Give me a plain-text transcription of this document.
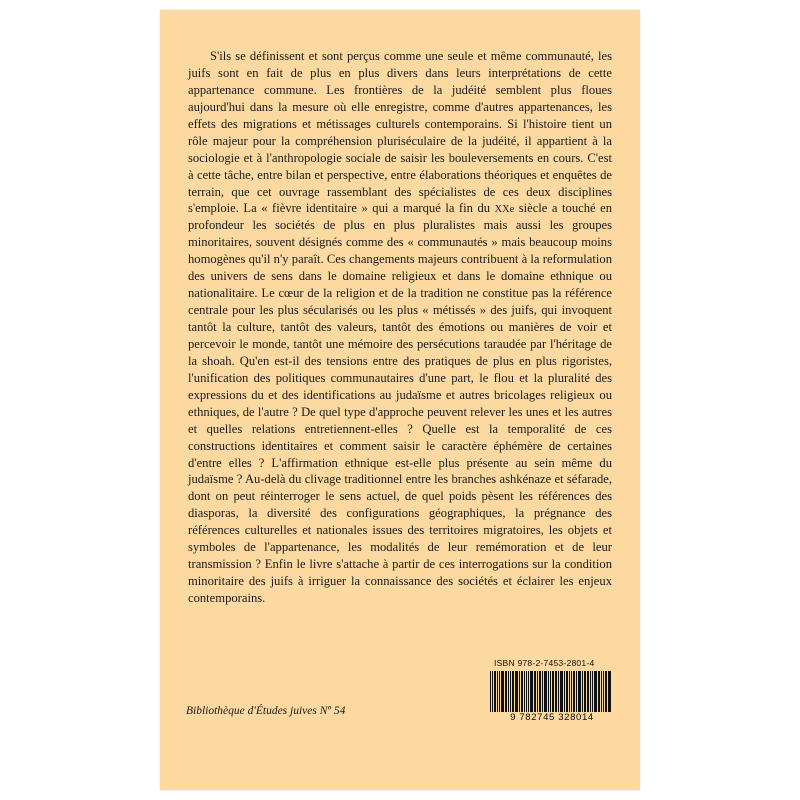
S'ils se définissent et sont perçus comme une seule et même communauté, les juifs sont en fait de plus en plus divers dans leurs interprétations de cette appartenance commune. Les frontières de la judéité semblent plus floues aujourd'hui dans la mesure où elle enregistre, comme d'autres appartenances, les effets des migrations et métissages culturels contemporains. Si l'histoire tient un rôle majeur pour la compréhension pluriséculaire de la judéité, il appartient à la sociologie et à l'anthropologie sociale de saisir les bouleversements en cours. C'est à cette tâche, entre bilan et perspective, entre élaborations théoriques et enquêtes de terrain, que cet ouvrage rassemblant des spécialistes de ces deux disciplines s'emploie. La « fièvre identitaire » qui a marqué la fin du XXe siècle a touché en profondeur les sociétés de plus en plus pluralistes mais aussi les groupes minoritaires, souvent désignés comme des « communautés » mais beaucoup moins homogènes qu'il n'y paraît. Ces changements majeurs contribuent à la reformulation des univers de sens dans le domaine religieux et dans le domaine ethnique ou nationalitaire. Le cœur de la religion et de la tradition ne constitue pas la référence centrale pour les plus sécularisés ou les plus « métissés » des juifs, qui invoquent tantôt la culture, tantôt des valeurs, tantôt des émotions ou manières de voir et percevoir le monde, tantôt une mémoire des persécutions taraudée par l'héritage de la shoah. Qu'en est-il des tensions entre des pratiques de plus en plus rigoristes, l'unification des politiques communautaires d'une part, le flou et la pluralité des expressions du et des identifications au judaïsme et autres bricolages religieux ou ethniques, de l'autre ? De quel type d'approche peuvent relever les unes et les autres et quelles relations entretiennent-elles ? Quelle est la temporalité de ces constructions identitaires et comment saisir le caractère éphémère de certaines d'entre elles ? L'affirmation ethnique est-elle plus présente au sein même du judaïsme ? Au-delà du clivage traditionnel entre les branches ashkénaze et séfarade, dont on peut réinterroger le sens actuel, de quel poids pèsent les références des diasporas, la diversité des configurations géographiques, la prégnance des références culturelles et nationales issues des territoires migratoires, les objets et symboles de l'appartenance, les modalités de leur remémoration et de leur transmission ? Enfin le livre s'attache à partir de ces interrogations sur la condition minoritaire des juifs à irriguer la connaissance des sociétés et éclairer les enjeux contemporains.
Bibliothèque d'Études juives Nº 54
ISBN 978-2-7453-2801-4
9 782745 328014
